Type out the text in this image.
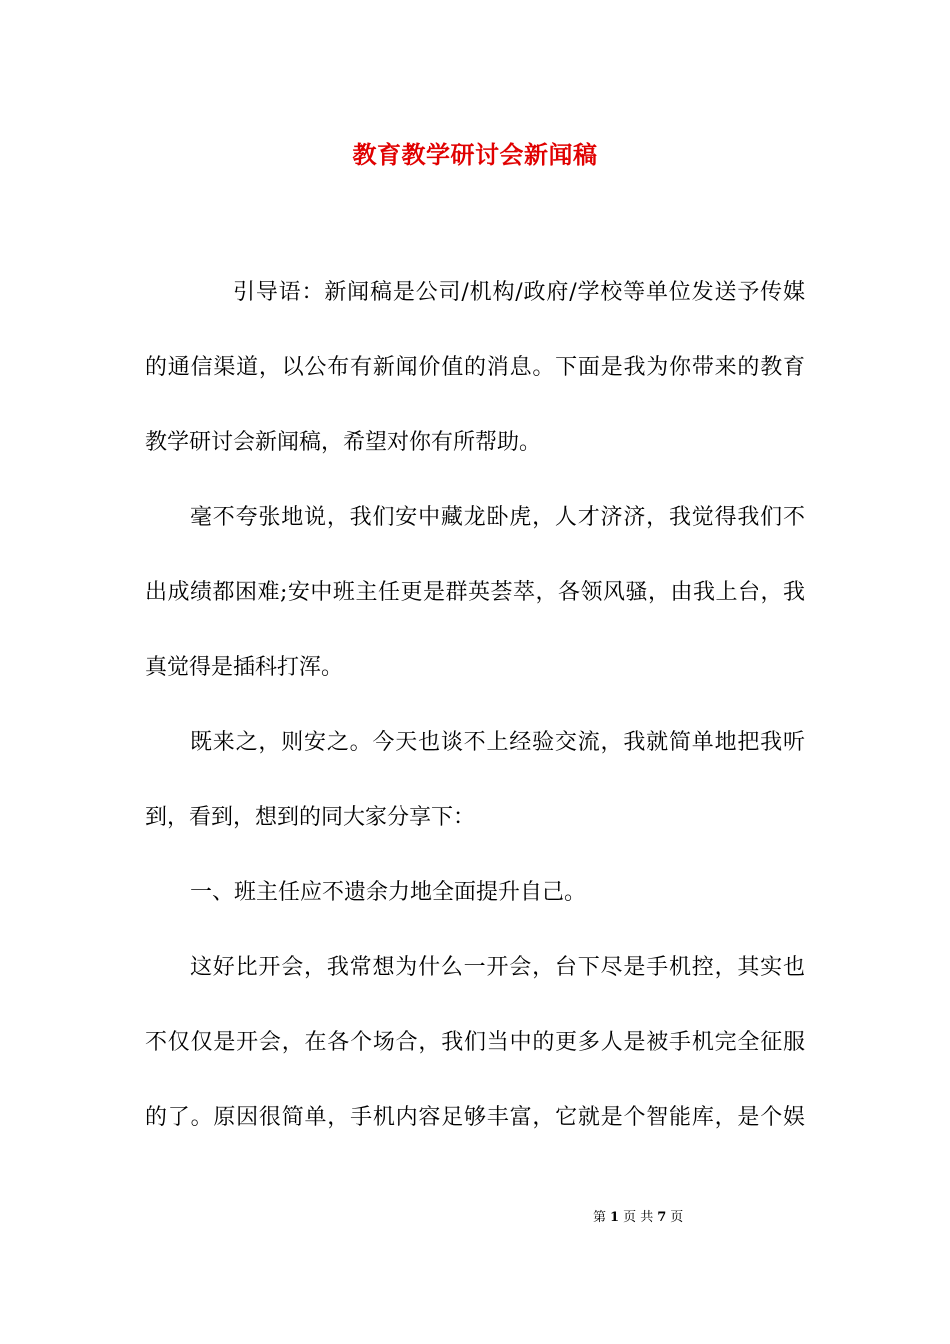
教育教学研讨会新闻稿
引导语：新闻稿是公司/机构/政府/学校等单位发送予传媒
的通信渠道，以公布有新闻价值的消息。下面是我为你带来的教育
教学研讨会新闻稿，希望对你有所帮助。
毫不夸张地说，我们安中藏龙卧虎，人才济济，我觉得我们不
出成绩都困难;安中班主任更是群英荟萃，各领风骚，由我上台，我
真觉得是插科打浑。
既来之，则安之。今天也谈不上经验交流，我就简单地把我听
到，看到，想到的同大家分享下：
一、班主任应不遗余力地全面提升自己。
这好比开会，我常想为什么一开会，台下尽是手机控，其实也
不仅仅是开会，在各个场合，我们当中的更多人是被手机完全征服
的了。原因很简单，手机内容足够丰富，它就是个智能库，是个娱
第 1 页 共 7 页
